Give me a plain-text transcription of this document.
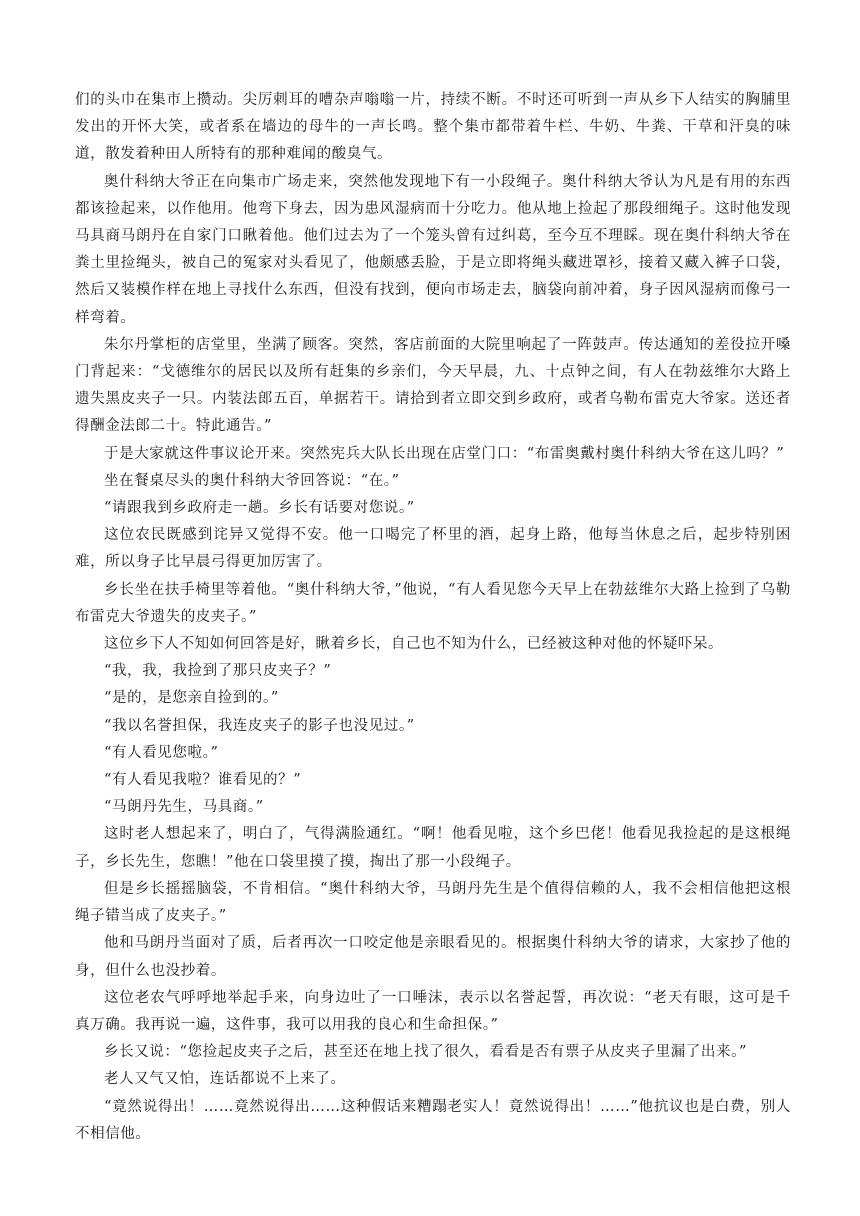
们的头巾在集市上攒动。尖厉刺耳的嘈杂声嗡嗡一片，持续不断。不时还可听到一声从乡下人结实的胸脯里发出的开怀大笑，或者系在墙边的母牛的一声长鸣。整个集市都带着牛栏、牛奶、牛粪、干草和汗臭的味道，散发着种田人所特有的那种难闻的酸臭气。

奥什科纳大爷正在向集市广场走来，突然他发现地下有一小段绳子。奥什科纳大爷认为凡是有用的东西都该捡起来，以作他用。他弯下身去，因为患风湿病而十分吃力。他从地上捡起了那段细绳子。这时他发现马具商马朗丹在自家门口瞅着他。他们过去为了一个笼头曾有过纠葛，至今互不理睬。现在奥什科纳大爷在粪土里捡绳头，被自己的冤家对头看见了，他颇感丢脸，于是立即将绳头藏进罩衫，接着又藏入裤子口袋，然后又装模作样在地上寻找什么东西，但没有找到，便向市场走去，脑袋向前冲着，身子因风湿病而像弓一样弯着。

朱尔丹掌柜的店堂里，坐满了顾客。突然，客店前面的大院里响起了一阵鼓声。传达通知的差役拉开嗓门背起来：“戈德维尔的居民以及所有赶集的乡亲们，今天早晨，九、十点钟之间，有人在勃兹维尔大路上遗失黑皮夹子一只。内装法郎五百，单据若干。请拾到者立即交到乡政府，或者乌勒布雷克大爷家。送还者得酬金法郎二十。特此通告。”

于是大家就这件事议论开来。突然宪兵大队长出现在店堂门口：“布雷奥戴村奥什科纳大爷在这儿吗？”

坐在餐桌尽头的奥什科纳大爷回答说：“在。”

“请跟我到乡政府走一趟。乡长有话要对您说。”

这位农民既感到诧异又觉得不安。他一口喝完了杯里的酒，起身上路，他每当休息之后，起步特别困难，所以身子比早晨弓得更加厉害了。

乡长坐在扶手椅里等着他。“奥什科纳大爷，”他说，“有人看见您今天早上在勃兹维尔大路上捡到了乌勒布雷克大爷遗失的皮夹子。”

这位乡下人不知如何回答是好，瞅着乡长，自己也不知为什么，已经被这种对他的怀疑吓呆。

“我，我，我捡到了那只皮夹子？”

“是的，是您亲自捡到的。”

“我以名誉担保，我连皮夹子的影子也没见过。”

“有人看见您啦。”

“有人看见我啦？谁看见的？”

“马朗丹先生，马具商。”

这时老人想起来了，明白了，气得满脸通红。“啊！他看见啦，这个乡巴佬！他看见我捡起的是这根绳子，乡长先生，您瞧！”他在口袋里摸了摸，掏出了那一小段绳子。

但是乡长摇摇脑袋，不肯相信。“奥什科纳大爷，马朗丹先生是个值得信赖的人，我不会相信他把这根绳子错当成了皮夹子。”

他和马朗丹当面对了质，后者再次一口咬定他是亲眼看见的。根据奥什科纳大爷的请求，大家抄了他的身，但什么也没抄着。

这位老农气呼呼地举起手来，向身边吐了一口唾沫，表示以名誉起誓，再次说：“老天有眼，这可是千真万确。我再说一遍，这件事，我可以用我的良心和生命担保。”

乡长又说：“您捡起皮夹子之后，甚至还在地上找了很久，看看是否有票子从皮夹子里漏了出来。”

老人又气又怕，连话都说不上来了。

“竟然说得出！……竟然说得出……这种假话来糟蹋老实人！竟然说得出！……”他抗议也是白费，别人不相信他。
